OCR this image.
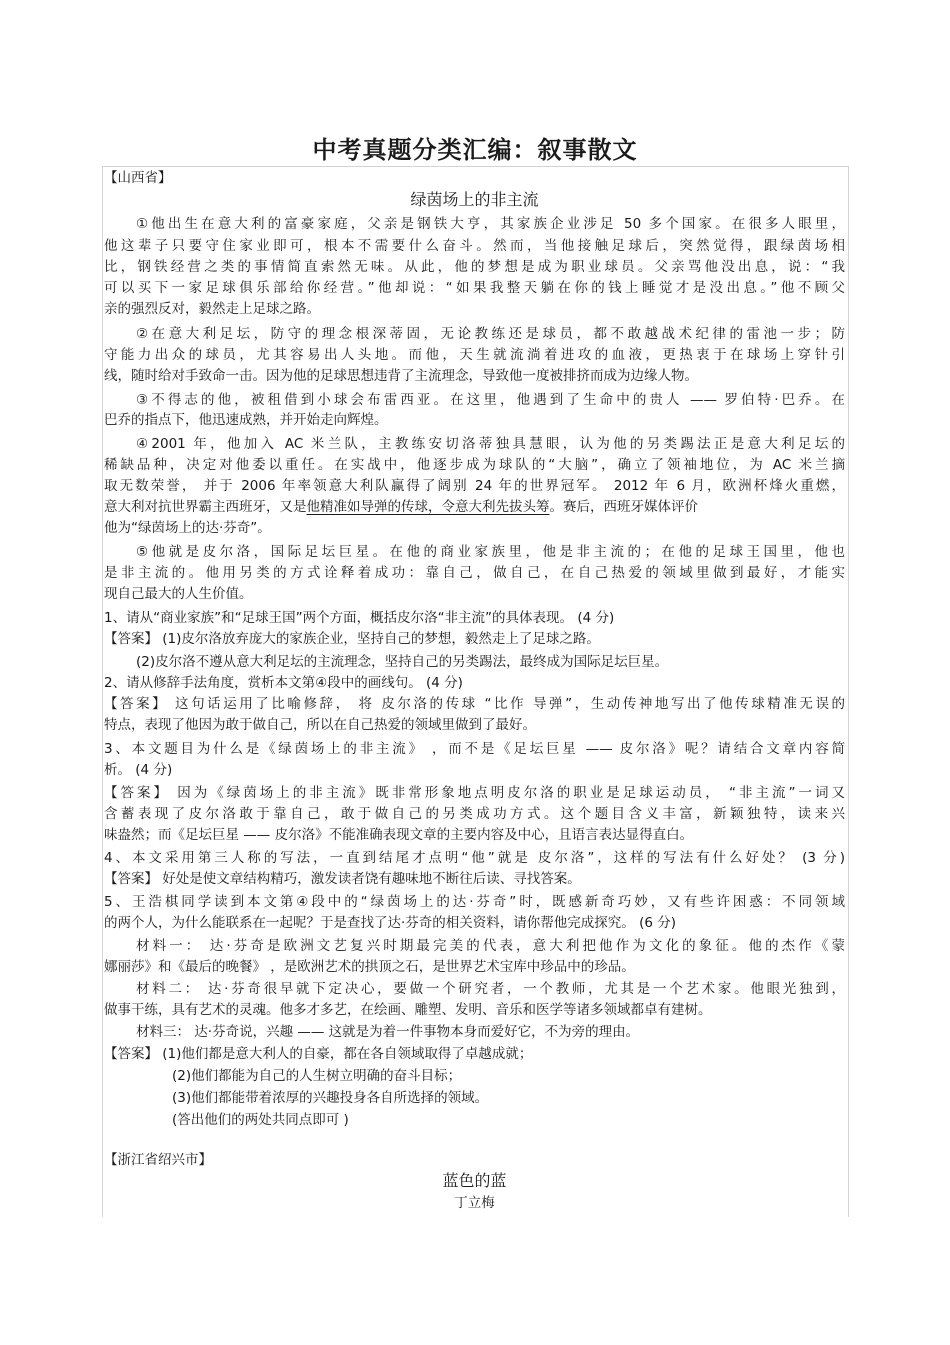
中考真题分类汇编：叙事散文
【山西省】
绿茵场上的非主流
①他出生在意大利的富豪家庭，父亲是钢铁大亨，其家族企业涉足 50 多个国家。在很多人眼里，
他这辈子只要守住家业即可，根本不需要什么奋斗。然而，当他接触足球后，突然觉得，跟绿茵场相
比，钢铁经营之类的事情简直索然无味。从此，他的梦想是成为职业球员。父亲骂他没出息，说：“我
可以买下一家足球俱乐部给你经营。”他却说：“如果我整天躺在你的钱上睡觉才是没出息。”他不顾父
亲的强烈反对，毅然走上足球之路。
②在意大利足坛，防守的理念根深蒂固，无论教练还是球员，都不敢越战术纪律的雷池一步；防
守能力出众的球员，尤其容易出人头地。而他，天生就流淌着进攻的血液，更热衷于在球场上穿针引
线，随时给对手致命一击。因为他的足球思想违背了主流理念，导致他一度被排挤而成为边缘人物。
③不得志的他，被租借到小球会布雷西亚。在这里，他遇到了生命中的贵人 —— 罗伯特·巴乔。在
巴乔的指点下，他迅速成熟，并开始走向辉煌。
④2001 年，他加入 AC 米兰队，主教练安切洛蒂独具慧眼，认为他的另类踢法正是意大利足坛的
稀缺品种，决定对他委以重任。在实战中，他逐步成为球队的“大脑”，确立了领袖地位，为 AC 米兰摘
取无数荣誉， 并于 2006 年率领意大利队赢得了阔别 24 年的世界冠军。 2012 年 6 月，欧洲杯烽火重燃，
意大利对抗世界霸主西班牙，又是他精准如导弹的传球，令意大利先拔头筹。赛后，西班牙媒体评价
他为“绿茵场上的达·芬奇”。
⑤他就是皮尔洛，国际足坛巨星。在他的商业家族里，他是非主流的；在他的足球王国里，他也
是非主流的。他用另类的方式诠释着成功：靠自己，做自己，在自己热爱的领域里做到最好，才能实
现自己最大的人生价值。
1、请从“商业家族”和“足球王国”两个方面，概括皮尔洛“非主流”的具体表现。 (4 分)
【答案】 (1)皮尔洛放弃庞大的家族企业，坚持自己的梦想，毅然走上了足球之路。
(2)皮尔洛不遵从意大利足坛的主流理念，坚持自己的另类踢法，最终成为国际足坛巨星。
2、请从修辞手法角度，赏析本文第④段中的画线句。 (4 分)
【答案】 这句话运用了比喻修辞， 将 皮尔洛的传球 “比作 导弹”，生动传神地写出了他传球精准无误的
特点，表现了他因为敢于做自己，所以在自己热爱的领域里做到了最好。
3、本文题目为什么是《绿茵场上的非主流》 ，而不是《足坛巨星 —— 皮尔洛》呢？请结合文章内容简
析。 (4 分)
【答案】 因为《绿茵场上的非主流》既非常形象地点明皮尔洛的职业是足球运动员， “非主流”一词又
含蓄表现了皮尔洛敢于靠自己，敢于做自己的另类成功方式。这个题目含义丰富，新颖独特，读来兴
味盎然；而《足坛巨星 —— 皮尔洛》不能准确表现文章的主要内容及中心，且语言表达显得直白。
4、本文采用第三人称的写法，一直到结尾才点明“他”就是 皮尔洛”，这样的写法有什么好处？ (3 分)
【答案】 好处是使文章结构精巧，激发读者饶有趣味地不断往后读、寻找答案。
5、王浩棋同学读到本文第④段中的“绿茵场上的达·芬奇”时，既感新奇巧妙，又有些许困惑：不同领域
的两个人，为什么能联系在一起呢？于是查找了达·芬奇的相关资料，请你帮他完成探究。 (6 分)
材料一： 达·芬奇是欧洲文艺复兴时期最完美的代表，意大利把他作为文化的象征。他的杰作《蒙
娜丽莎》和《最后的晚餐》 ，是欧洲艺术的拱顶之石，是世界艺术宝库中珍品中的珍品。
材料二： 达·芬奇很早就下定决心，要做一个研究者，一个教师，尤其是一个艺术家。他眼光独到，
做事干练，具有艺术的灵魂。他多才多艺，在绘画、雕塑、发明、音乐和医学等诸多领域都卓有建树。
材料三： 达·芬奇说，兴趣 —— 这就是为着一件事物本身而爱好它，不为旁的理由。
【答案】 (1)他们都是意大利人的自豪，都在各自领域取得了卓越成就；
(2)他们都能为自己的人生树立明确的奋斗目标；
(3)他们都能带着浓厚的兴趣投身各自所选择的领域。
(答出他们的两处共同点即可 )
【浙江省绍兴市】
蓝色的蓝
丁立梅
